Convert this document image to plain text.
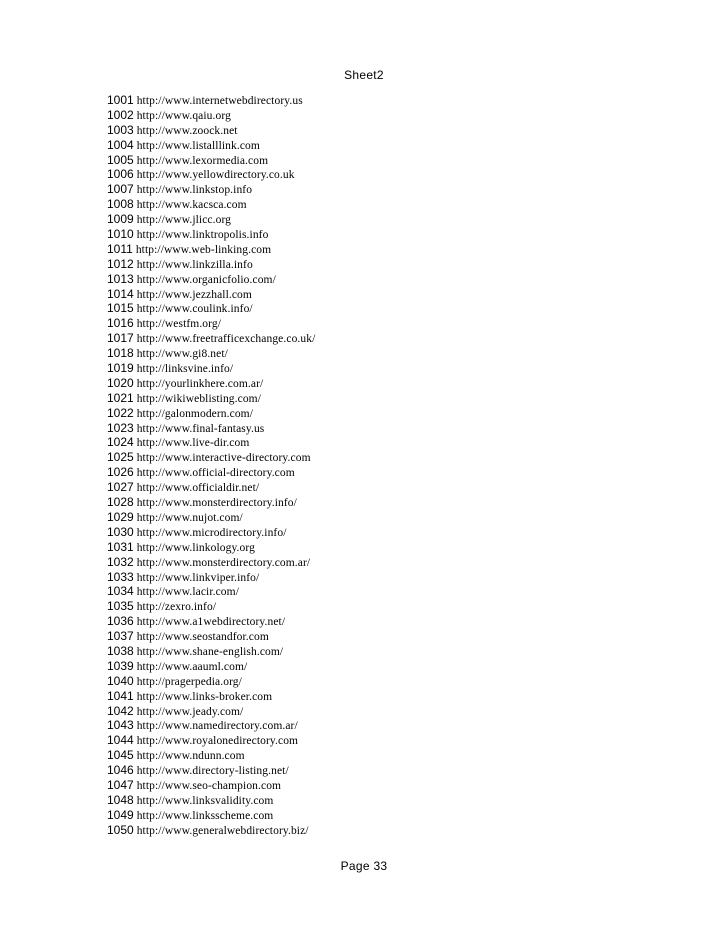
Sheet2
1001 http://www.internetwebdirectory.us
1002 http://www.qaiu.org
1003 http://www.zoock.net
1004 http://www.listalllink.com
1005 http://www.lexormedia.com
1006 http://www.yellowdirectory.co.uk
1007 http://www.linkstop.info
1008 http://www.kacsca.com
1009 http://www.jlicc.org
1010 http://www.linktropolis.info
1011 http://www.web-linking.com
1012 http://www.linkzilla.info
1013 http://www.organicfolio.com/
1014 http://www.jezzhall.com
1015 http://www.coulink.info/
1016 http://westfm.org/
1017 http://www.freetrafficexchange.co.uk/
1018 http://www.gi8.net/
1019 http://linksvine.info/
1020 http://yourlinkhere.com.ar/
1021 http://wikiweblisting.com/
1022 http://galonmodern.com/
1023 http://www.final-fantasy.us
1024 http://www.live-dir.com
1025 http://www.interactive-directory.com
1026 http://www.official-directory.com
1027 http://www.officialdir.net/
1028 http://www.monsterdirectory.info/
1029 http://www.nujot.com/
1030 http://www.microdirectory.info/
1031 http://www.linkology.org
1032 http://www.monsterdirectory.com.ar/
1033 http://www.linkviper.info/
1034 http://www.lacir.com/
1035 http://zexro.info/
1036 http://www.a1webdirectory.net/
1037 http://www.seostandfor.com
1038 http://www.shane-english.com/
1039 http://www.aauml.com/
1040 http://pragerpedia.org/
1041 http://www.links-broker.com
1042 http://www.jeady.com/
1043 http://www.namedirectory.com.ar/
1044 http://www.royalonedirectory.com
1045 http://www.ndunn.com
1046 http://www.directory-listing.net/
1047 http://www.seo-champion.com
1048 http://www.linksvalidity.com
1049 http://www.linksscheme.com
1050 http://www.generalwebdirectory.biz/
Page 33
